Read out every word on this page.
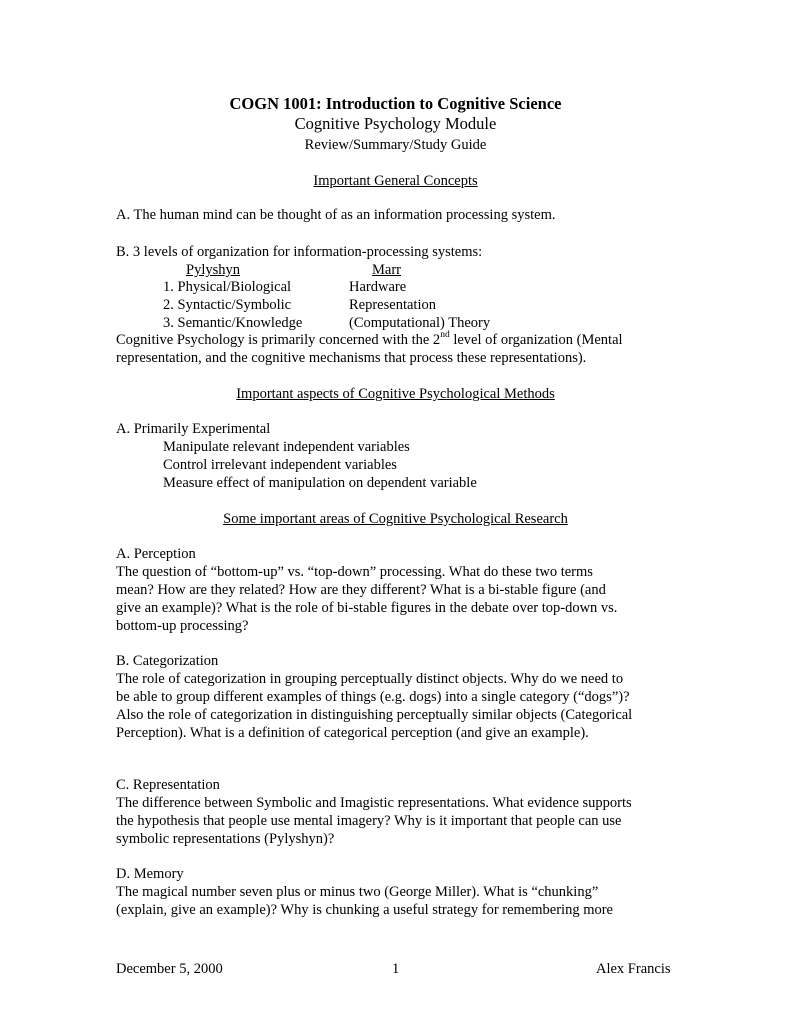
COGN 1001: Introduction to Cognitive Science
Cognitive Psychology Module
Review/Summary/Study Guide
Important General Concepts
A. The human mind can be thought of as an information processing system.
B. 3 levels of organization for information-processing systems:
Pylyshyn	Marr
1. Physical/Biological	Hardware
2. Syntactic/Symbolic	Representation
3. Semantic/Knowledge	(Computational) Theory
Cognitive Psychology is primarily concerned with the 2nd level of organization (Mental
representation, and the cognitive mechanisms that process these representations).
Important aspects of Cognitive Psychological Methods
A. Primarily Experimental
Manipulate relevant independent variables
Control irrelevant independent variables
Measure effect of manipulation on dependent variable
Some important areas of Cognitive Psychological Research
A. Perception
The question of “bottom-up” vs. “top-down” processing. What do these two terms
mean? How are they related? How are they different? What is a bi-stable figure (and
give an example)? What is the role of bi-stable figures in the debate over top-down vs.
bottom-up processing?
B. Categorization
The role of categorization in grouping perceptually distinct objects. Why do we need to
be able to group different examples of things (e.g. dogs) into a single category (“dogs”)?
Also the role of categorization in distinguishing perceptually similar objects (Categorical
Perception). What is a definition of categorical perception (and give an example).
C. Representation
The difference between Symbolic and Imagistic representations. What evidence supports
the hypothesis that people use mental imagery? Why is it important that people can use
symbolic representations (Pylyshyn)?
D. Memory
The magical number seven plus or minus two (George Miller). What is “chunking”
(explain, give an example)? Why is chunking a useful strategy for remembering more
December 5, 2000	1	Alex Francis
